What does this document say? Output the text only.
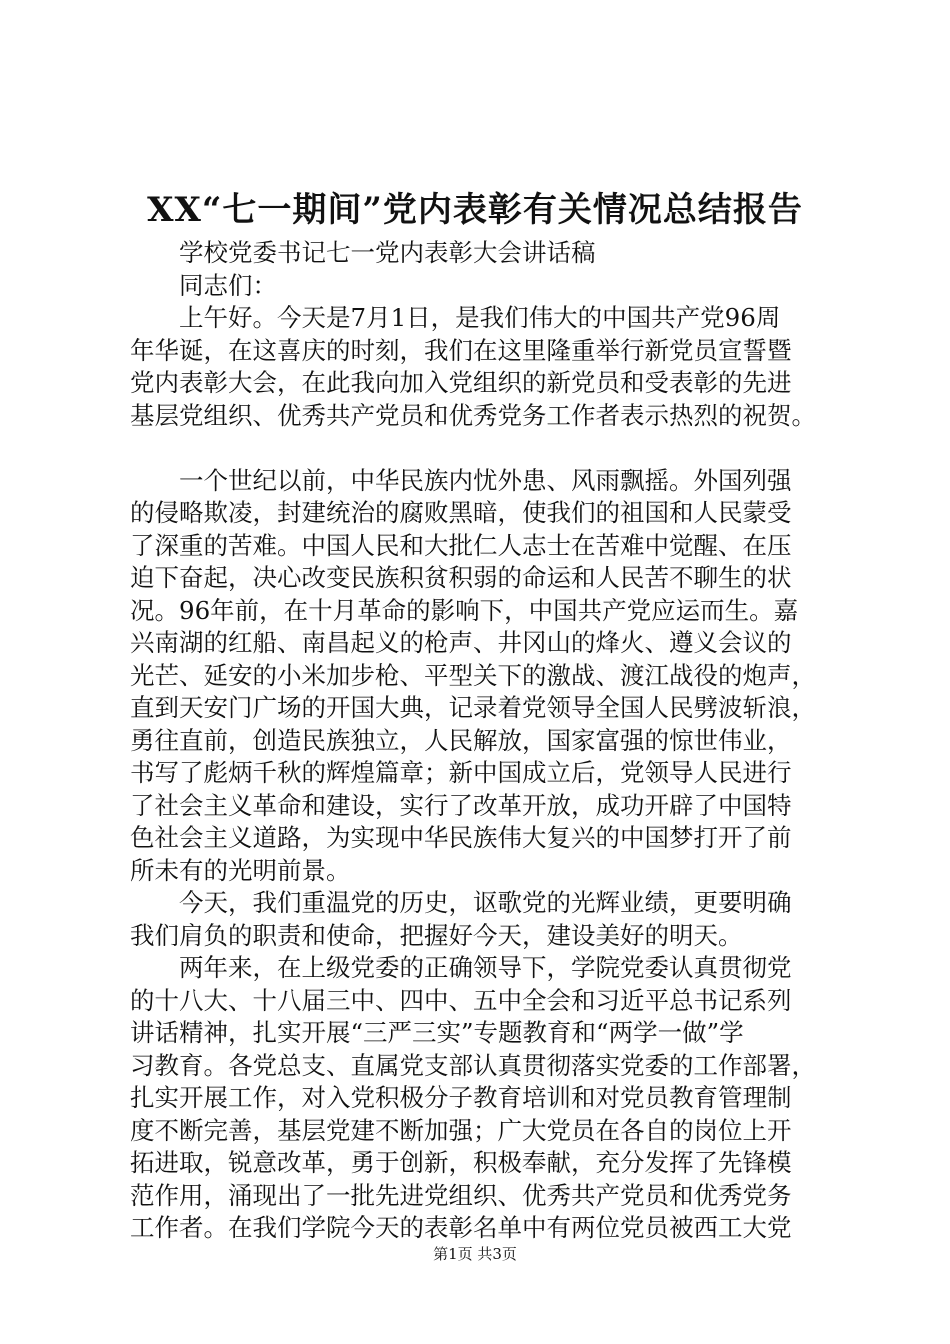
XX“七一期间”党内表彰有关情况总结报告
　　学校党委书记七一党内表彰大会讲话稿
　　同志们：
　　上午好。今天是7月1日，是我们伟大的中国共产党96周
年华诞，在这喜庆的时刻，我们在这里隆重举行新党员宣誓暨
党内表彰大会，在此我向加入党组织的新党员和受表彰的先进
基层党组织、优秀共产党员和优秀党务工作者表示热烈的祝贺。
　　一个世纪以前，中华民族内忧外患、风雨飘摇。外国列强
的侵略欺凌，封建统治的腐败黑暗，使我们的祖国和人民蒙受
了深重的苦难。中国人民和大批仁人志士在苦难中觉醒、在压
迫下奋起，决心改变民族积贫积弱的命运和人民苦不聊生的状
况。96年前，在十月革命的影响下，中国共产党应运而生。嘉
兴南湖的红船、南昌起义的枪声、井冈山的烽火、遵义会议的
光芒、延安的小米加步枪、平型关下的激战、渡江战役的炮声，
直到天安门广场的开国大典，记录着党领导全国人民劈波斩浪，
勇往直前，创造民族独立，人民解放，国家富强的惊世伟业，
书写了彪炳千秋的辉煌篇章；新中国成立后，党领导人民进行
了社会主义革命和建设，实行了改革开放，成功开辟了中国特
色社会主义道路，为实现中华民族伟大复兴的中国梦打开了前
所未有的光明前景。
　　今天，我们重温党的历史，讴歌党的光辉业绩，更要明确
我们肩负的职责和使命，把握好今天，建设美好的明天。
　　两年来，在上级党委的正确领导下，学院党委认真贯彻党
的十八大、十八届三中、四中、五中全会和习近平总书记系列
讲话精神，扎实开展“三严三实”专题教育和“两学一做”学
习教育。各党总支、直属党支部认真贯彻落实党委的工作部署，
扎实开展工作，对入党积极分子教育培训和对党员教育管理制
度不断完善，基层党建不断加强；广大党员在各自的岗位上开
拓进取，锐意改革，勇于创新，积极奉献，充分发挥了先锋模
范作用，涌现出了一批先进党组织、优秀共产党员和优秀党务
工作者。在我们学院今天的表彰名单中有两位党员被西工大党
第1页 共3页
